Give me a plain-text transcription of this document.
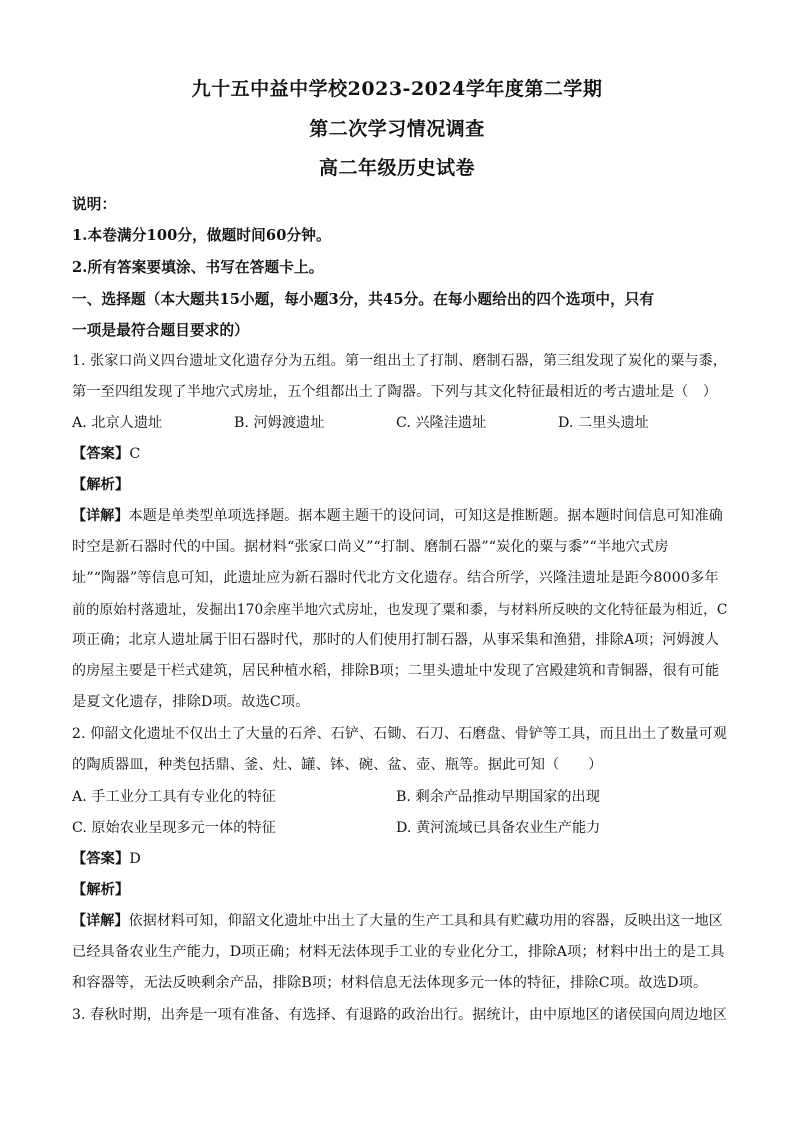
九十五中益中学校2023-2024学年度第二学期
第二次学习情况调查
高二年级历史试卷
说明：
1.本卷满分100分，做题时间60分钟。
2.所有答案要填涂、书写在答题卡上。
一、选择题（本大题共15小题，每小题3分，共45分。在每小题给出的四个选项中，只有
一项是最符合题目要求的）
1. 张家口尚义四台遗址文化遗存分为五组。第一组出土了打制、磨制石器，第三组发现了炭化的粟与黍，
第一至四组发现了半地穴式房址，五个组都出土了陶器。下列与其文化特征最相近的考古遗址是（　）
A. 北京人遗址	B. 河姆渡遗址	C. 兴隆洼遗址	D. 二里头遗址
【答案】C
【解析】
【详解】本题是单类型单项选择题。据本题主题干的设问词，可知这是推断题。据本题时间信息可知准确
时空是新石器时代的中国。据材料“张家口尚义”“打制、磨制石器”“炭化的粟与黍”“半地穴式房
址”“陶器”等信息可知，此遗址应为新石器时代北方文化遗存。结合所学，兴隆洼遗址是距今8000多年
前的原始村落遗址，发掘出170余座半地穴式房址，也发现了粟和黍，与材料所反映的文化特征最为相近，C
项正确；北京人遗址属于旧石器时代，那时的人们使用打制石器，从事采集和渔猎，排除A项；河姆渡人
的房屋主要是干栏式建筑，居民种植水稻，排除B项；二里头遗址中发现了宫殿建筑和青铜器，很有可能
是夏文化遗存，排除D项。故选C项。
2. 仰韶文化遗址不仅出土了大量的石斧、石铲、石锄、石刀、石磨盘、骨铲等工具，而且出土了数量可观
的陶质器皿，种类包括鼎、釜、灶、罐、钵、碗、盆、壶、瓶等。据此可知（　　）
A. 手工业分工具有专业化的特征	B. 剩余产品推动早期国家的出现
C. 原始农业呈现多元一体的特征	D. 黄河流域已具备农业生产能力
【答案】D
【解析】
【详解】依据材料可知，仰韶文化遗址中出土了大量的生产工具和具有贮藏功用的容器，反映出这一地区
已经具备农业生产能力，D项正确；材料无法体现手工业的专业化分工，排除A项；材料中出土的是工具
和容器等，无法反映剩余产品，排除B项；材料信息无法体现多元一体的特征，排除C项。故选D项。
3. 春秋时期，出奔是一项有准备、有选择、有退路的政治出行。据统计，由中原地区的诸侯国向周边地区
